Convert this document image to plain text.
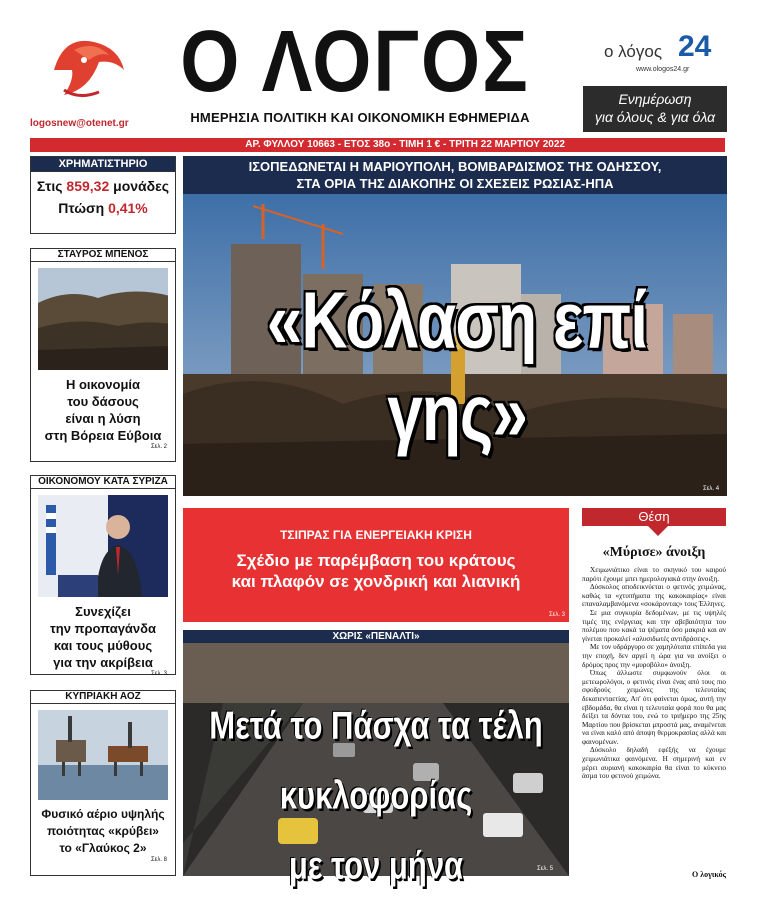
logosnew@otenet.gr
Ο ΛΟΓΟΣ
ΗΜΕΡΗΣΙΑ ΠΟΛΙΤΙΚΗ ΚΑΙ ΟΙΚΟΝΟΜΙΚΗ ΕΦΗΜΕΡΙΔΑ
ο λόγος 24
www.ologos24.gr
Ενημέρωση
για όλους & για όλα
ΑΡ. ΦΥΛΛΟΥ 10663 - ΕΤΟΣ 38ο - ΤΙΜΗ 1 € - ΤΡΙΤΗ 22 ΜΑΡΤΙΟΥ 2022
ΧΡΗΜΑΤΙΣΤΗΡΙΟ
Στις 859,32 μονάδες
Πτώση 0,41%
ΣΤΑΥΡΟΣ ΜΠΕΝΟΣ
Η οικονομία
του δάσους
είναι η λύση
στη Βόρεια Εύβοια
Σελ. 2
ΟΙΚΟΝΟΜΟΥ ΚΑΤΑ ΣΥΡΙΖΑ
Συνεχίζει
την προπαγάνδα
και τους μύθους
για την ακρίβεια
Σελ. 3
ΚΥΠΡΙΑΚΗ ΑΟΖ
Φυσικό αέριο υψηλής
ποιότητας «κρύβει»
το «Γλαύκος 2»
Σελ. 8
ΙΣΟΠΕΔΩΝΕΤΑΙ Η ΜΑΡΙΟΥΠΟΛΗ, ΒΟΜΒΑΡΔΙΣΜΟΣ ΤΗΣ ΟΔΗΣΣΟΥ,
ΣΤΑ ΟΡΙΑ ΤΗΣ ΔΙΑΚΟΠΗΣ ΟΙ ΣΧΕΣΕΙΣ ΡΩΣΙΑΣ-ΗΠΑ
«Κόλαση επί γης»
Σελ. 4
ΤΣΙΠΡΑΣ ΓΙΑ ΕΝΕΡΓΕΙΑΚΗ ΚΡΙΣΗ
Σχέδιο με παρέμβαση του κράτους
και πλαφόν σε χονδρική και λιανική
Σελ. 3
ΧΩΡΙΣ «ΠΕΝΑΛΤΙ»
Μετά το Πάσχα τα τέλη κυκλοφορίας
με τον μήνα	Σελ. 5
Θέση
«Μύρισε» άνοιξη

Χειμωνιάτικο είναι το σκηνικό του καιρού παρότι έχουμε μπει ημερολογιακά στην άνοιξη.

Δύσκολος αποδεικνύεται ο φετινός χειμώνας, καθώς τα «χτυπήματα της κακοκαιρίας» είναι επαναλαμβανόμενα «σοκάροντας» τους Έλληνες.

Σε μια συγκυρία δεδομένων, με τις υψηλές τιμές της ενέργειας και την αβεβαιότητα του πολέμου που κακά τα ψέματα όσο μακριά και αν γίνεται προκαλεί «αλυσιδωτές αντιδράσεις».

Με τον υδράργυρο σε χαμηλότατα επίπεδα για την εποχή, δεν αργεί η ώρα για να ανοίξει ο δρόμος προς την «μυροβόλο» άνοιξη.

Όπως άλλωστε συμφωνούν όλοι οι μετεωρολόγοι, ο φετινός είναι ένας από τους πιο σφοδρούς χειμώνες της τελευταίας δεκαπενταετίας. Απ' ότι φαίνεται όμως, αυτή την εβδομάδα, θα είναι η τελευταία φορά που θα μας δείξει τα δόντια του, ενώ το τριήμερο της 25ης Μαρτίου που βρίσκεται μπροστά μας, αναμένεται να είναι καλό από άποψη θερμοκρασίας αλλά και φαινομένων.

Δύσκολο δηλαδή εφέξής να έχουμε χειμωνιάτικα φαινόμενα. Η σημερινή και εν μέρει αυριανή κακοκαιρία θα είναι το κύκνειο άσμα του φετινού χειμώνα.

Ο λογικός
